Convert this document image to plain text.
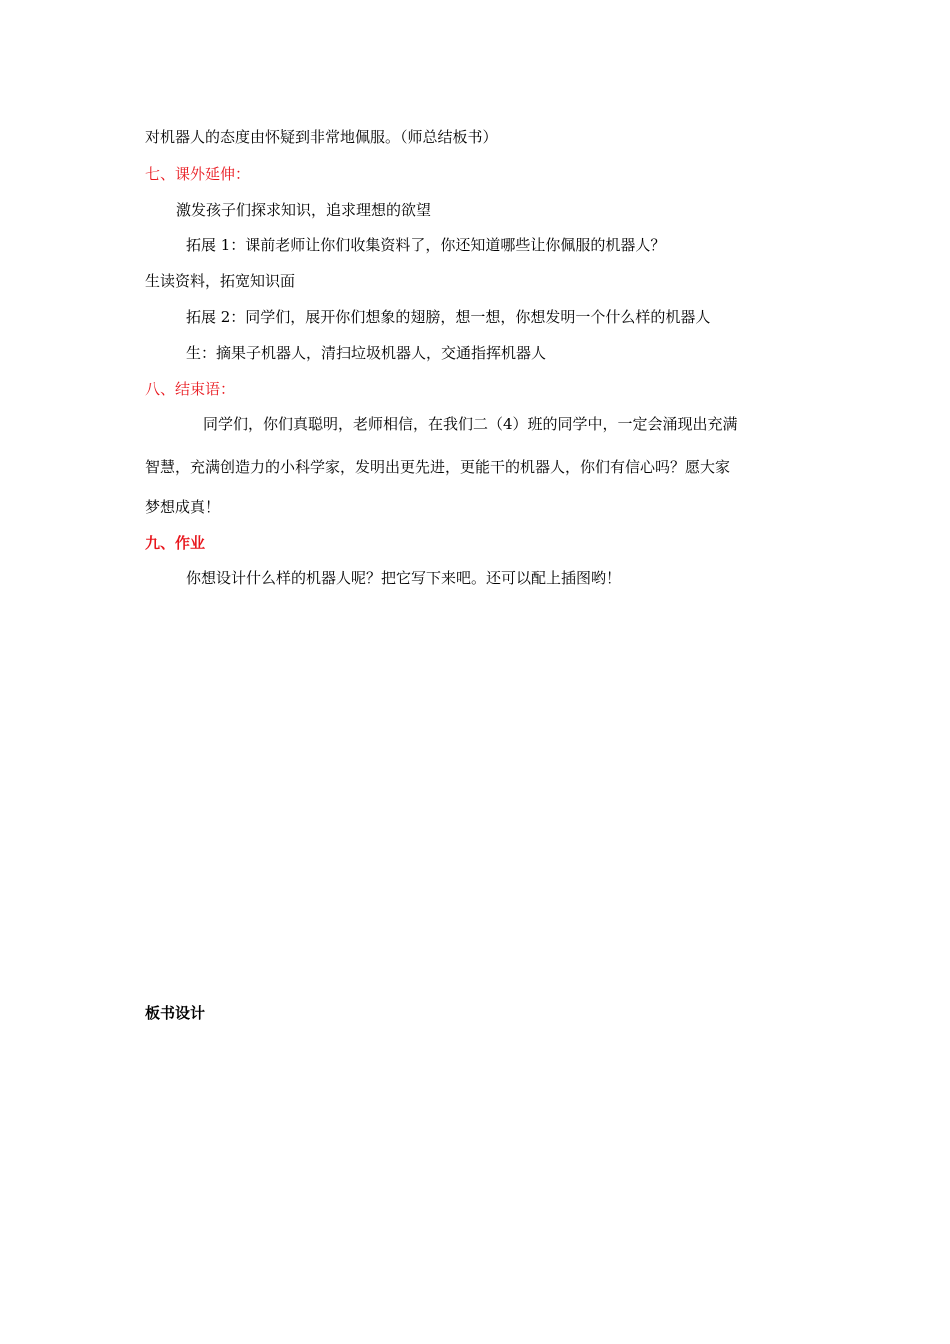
对机器人的态度由怀疑到非常地佩服。（师总结板书）
七、课外延伸：
激发孩子们探求知识，追求理想的欲望
拓展 1：课前老师让你们收集资料了，你还知道哪些让你佩服的机器人？
生读资料，拓宽知识面
拓展 2：同学们，展开你们想象的翅膀，想一想，你想发明一个什么样的机器人
生：摘果子机器人，清扫垃圾机器人，交通指挥机器人
八、结束语：
同学们，你们真聪明，老师相信，在我们二（4）班的同学中，一定会涌现出充满
智慧，充满创造力的小科学家，发明出更先进，更能干的机器人，你们有信心吗？愿大家
梦想成真！
九、作业
你想设计什么样的机器人呢？把它写下来吧。还可以配上插图哟！
板书设计
